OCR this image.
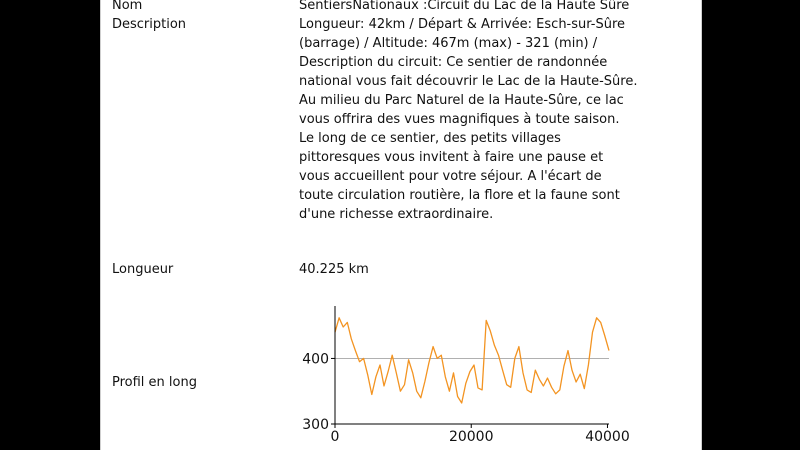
Nom	SentiersNationaux :Circuit du Lac de la Haute Sûre
Description	Longueur: 42km / Départ & Arrivée: Esch-sur-Sûre
(barrage) / Altitude: 467m (max) - 321 (min) /
Description du circuit: Ce sentier de randonnée
national vous fait découvrir le Lac de la Haute-Sûre.
Au milieu du Parc Naturel de la Haute-Sûre, ce lac
vous offrira des vues magnifiques à toute saison.
Le long de ce sentier, des petits villages
pittoresques vous invitent à faire une pause et
vous accueillent pour votre séjour. A l'écart de
toute circulation routière, la flore et la faune sont
d'une richesse extraordinaire.
Longueur	40.225 km
Profil en long
300
400
0	20000	40000
